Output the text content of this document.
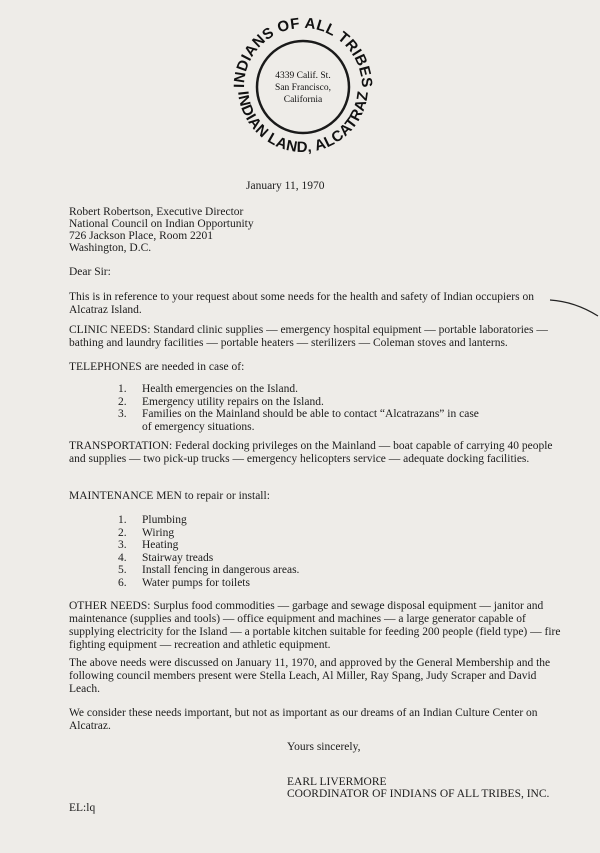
INDIANS OF ALL TRIBES
INDIAN LAND, ALCATRAZ
4339 Calif. St.
San Francisco,
California

January 11, 1970

Robert Robertson, Executive Director

National Council on Indian Opportunity

726 Jackson Place, Room 2201

Washington, D.C.

Dear Sir:

This is in reference to your request about some needs for the health and safety of Indian occupiers on Alcatraz Island.

CLINIC NEEDS: Standard clinic supplies — emergency hospital equipment — portable laboratories — bathing and laundry facilities — portable heaters — sterilizers — Coleman stoves and lanterns.

TELEPHONES are needed in case of:

1. Health emergencies on the Island.
2. Emergency utility repairs on the Island.
3. Families on the Mainland should be able to contact “Alcatrazans” in case
of emergency situations.

TRANSPORTATION: Federal docking privileges on the Mainland — boat capable of carrying 40 people and supplies — two pick-up trucks — emergency helicopters service — adequate docking facilities.

MAINTENANCE MEN to repair or install:

1. Plumbing
2. Wiring
3. Heating
4. Stairway treads
5. Install fencing in dangerous areas.
6. Water pumps for toilets

OTHER NEEDS: Surplus food commodities — garbage and sewage disposal equipment — janitor and maintenance (supplies and tools) — office equipment and machines — a large generator capable of supplying electricity for the Island — a portable kitchen suitable for feeding 200 people (field type) — fire fighting equipment — recreation and athletic equipment.

The above needs were discussed on January 11, 1970, and approved by the General Membership and the following council members present were Stella Leach, Al Miller, Ray Spang, Judy Scraper and David Leach.

We consider these needs important, but not as important as our dreams of an Indian Culture Center on Alcatraz.

Yours sincerely,

EARL LIVERMORE

COORDINATOR OF INDIANS OF ALL TRIBES, INC.

EL:lq
